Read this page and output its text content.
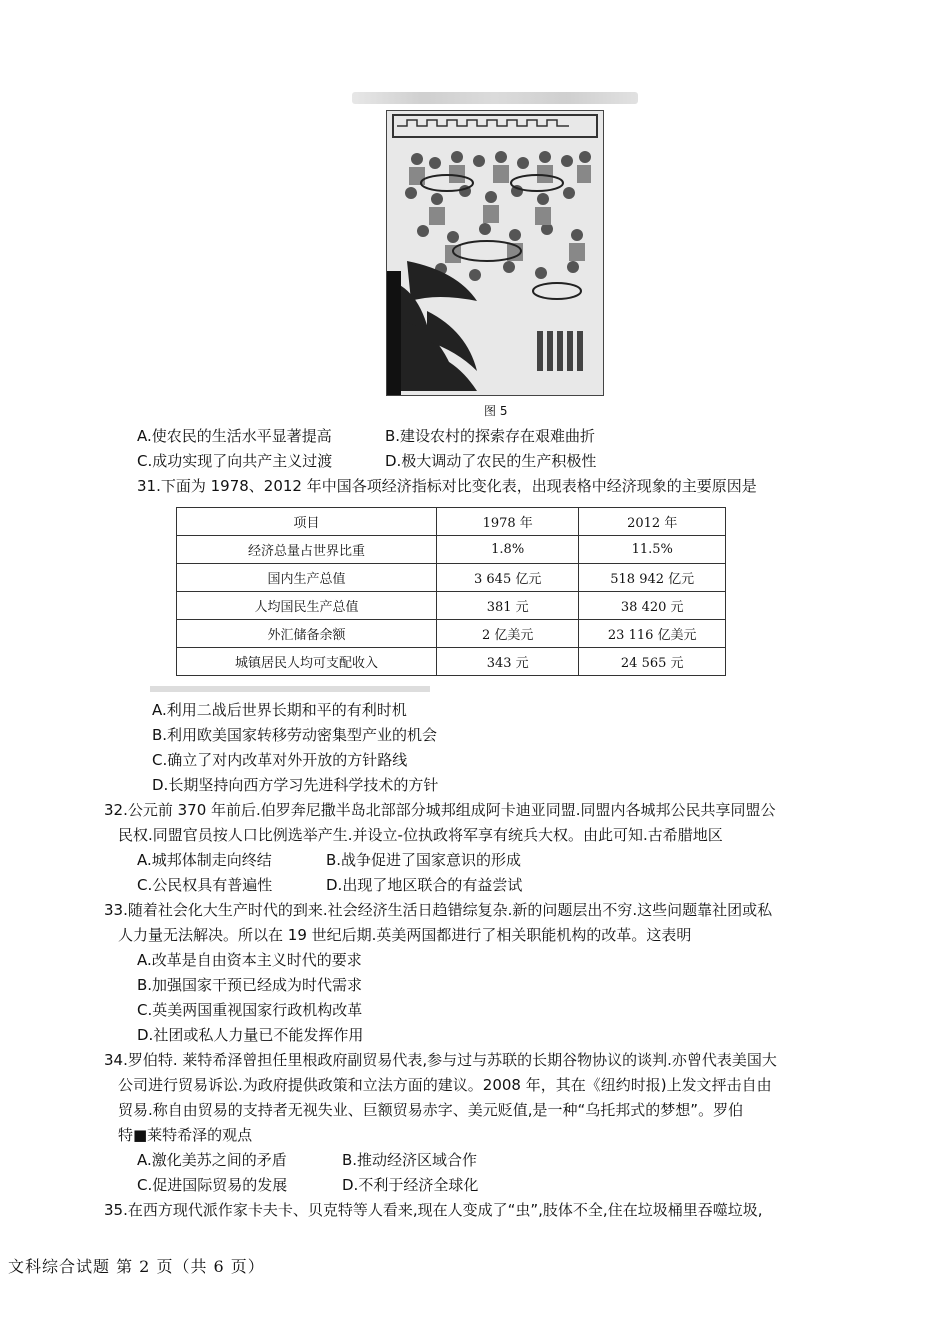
图 5
A.使农民的生活水平显著提高	B.建设农村的探索存在艰难曲折
C.成功实现了向共产主义过渡	D.极大调动了农民的生产积极性
31.下面为 1978、2012 年中国各项经济指标对比变化表，出现表格中经济现象的主要原因是
项目	1978 年	2012 年
经济总量占世界比重	1.8%	11.5%
国内生产总值	3 645 亿元	518 942 亿元
人均国民生产总值	381 元	38 420 元
外汇储备余额	2 亿美元	23 116 亿美元
城镇居民人均可支配收入	343 元	24 565 元
A.利用二战后世界长期和平的有利时机
B.利用欧美国家转移劳动密集型产业的机会
C.确立了对内改革对外开放的方针路线
D.长期坚持向西方学习先进科学技术的方针
32.公元前 370 年前后.伯罗奔尼撒半岛北部部分城邦组成阿卡迪亚同盟.同盟内各城邦公民共享同盟公
民权.同盟官员按人口比例选举产生.并设立-位执政将军享有统兵大权。由此可知.古希腊地区
A.城邦体制走向终结	B.战争促进了国家意识的形成
C.公民权具有普遍性	D.出现了地区联合的有益尝试
33.随着社会化大生产时代的到来.社会经济生活日趋错综复杂.新的问题层出不穷.这些问题靠社团或私
人力量无法解决。所以在 19 世纪后期.英美两国都进行了相关职能机构的改革。这表明
A.改革是自由资本主义时代的要求
B.加强国家干预已经成为时代需求
C.英美两国重视国家行政机构改革
D.社团或私人力量已不能发挥作用
34.罗伯特. 莱特希泽曾担任里根政府副贸易代表,参与过与苏联的长期谷物协议的谈判.亦曾代表美国大
公司进行贸易诉讼.为政府提供政策和立法方面的建议。2008 年，其在《纽约时报)上发文抨击自由
贸易.称自由贸易的支持者无视失业、巨额贸易赤字、美元贬值,是一种“乌托邦式的梦想”。罗伯
特■莱特希泽的观点
A.激化美苏之间的矛盾	B.推动经济区域合作
C.促进国际贸易的发展	D.不利于经济全球化
35.在西方现代派作家卡夫卡、贝克特等人看来,现在人变成了“虫”,肢体不全,住在垃圾桶里吞噬垃圾,
文科综合试题 第 2 页（共 6 页）
